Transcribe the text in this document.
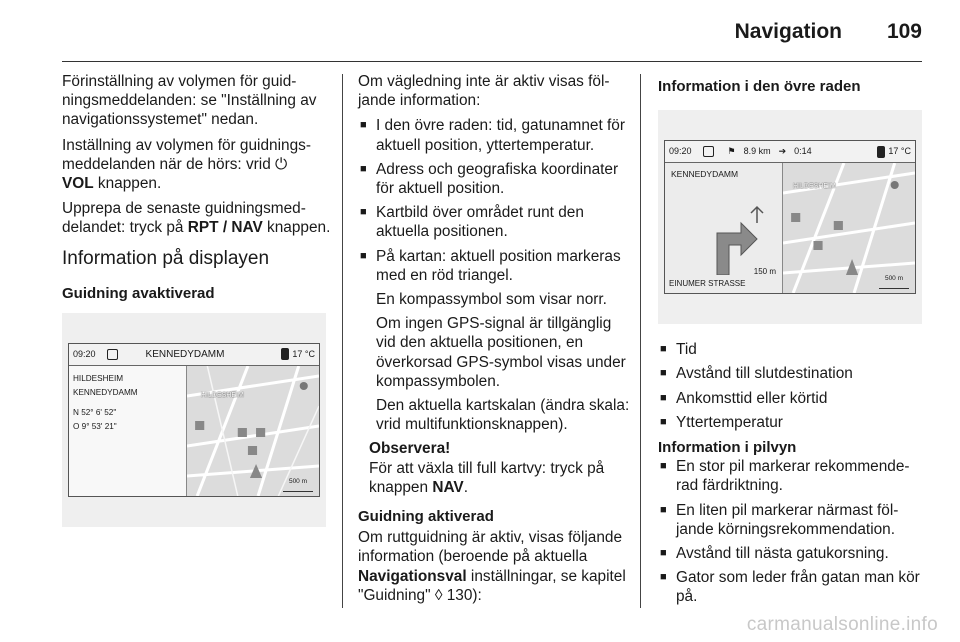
Navigation 109
Förinställning av volymen för guidningsmeddelanden: se "Inställning av navigationssystemet" nedan.
Inställning av volymen för guidningsmeddelanden när de hörs: vrid ⏻
VOL knappen.
Upprepa de senaste guidningsmeddelandet: tryck på RPT / NAV knappen.
Information på displayen
Guidning avaktiverad
09:20	KENNEDYDAMM	17 °C
HILDESHEIM
KENNEDYDAMM
N 52° 6' 52"
O 9° 53' 21"
HILDESHEIM
500 m
Om vägledning inte är aktiv visas följande information:
■ I den övre raden: tid, gatunamnet för aktuell position, yttertemperatur.
■ Adress och geografiska koordinater för aktuell position.
■ Kartbild över området runt den aktuella positionen.
■ På kartan: aktuell position markeras med en röd triangel.
En kompassymbol som visar norr.
Om ingen GPS-signal är tillgänglig vid den aktuella positionen, en överkorsad GPS-symbol visas under kompassymbolen.
Den aktuella kartskalan (ändra skala: vrid multifunktionsknappen).
Observera!
För att växla till full kartvy: tryck på knappen NAV.
Guidning aktiverad
Om ruttguidning är aktiv, visas följande information (beroende på aktuella Navigationsval inställningar, se kapitel "Guidning" ◊ 130):
Information i den övre raden
09:20	⚑ 8.9 km ➔ 0:14	17 °C
HILDESHEIM
500 m
KENNEDYDAMM
150 m
EINUMER STRASSE
■ Tid
■ Avstånd till slutdestination
■ Ankomsttid eller körtid
■ Yttertemperatur
Information i pilvyn
■ En stor pil markerar rekommenderad färdriktning.
■ En liten pil markerar närmast följande körningsrekommendation.
■ Avstånd till nästa gatukorsning.
■ Gator som leder från gatan man kör på.
carmanualsonline.info
